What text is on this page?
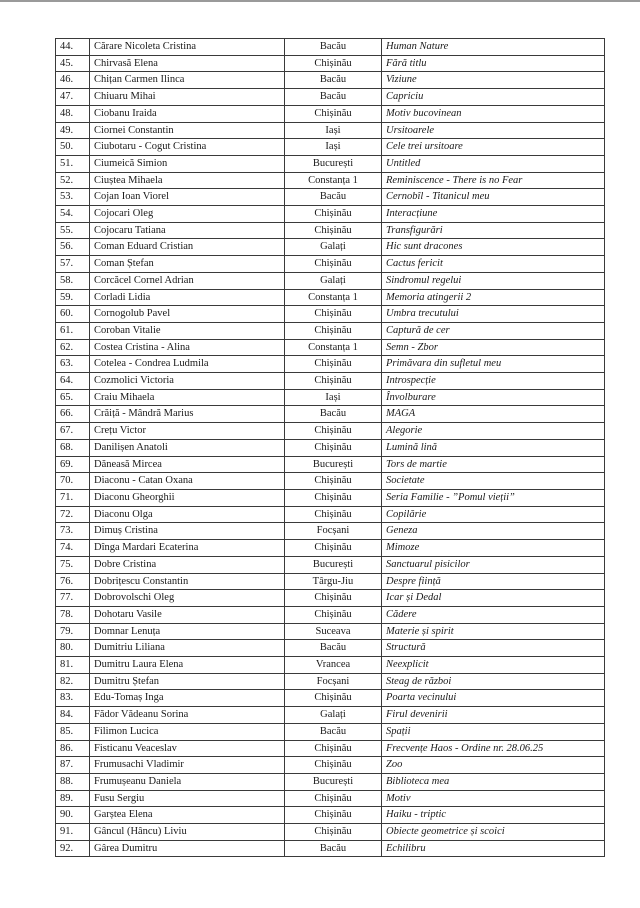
44.	Cărare Nicoleta Cristina	Bacău	Human Nature
45.	Chirvasă Elena	Chișinău	Fără titlu
46.	Chițan Carmen Ilinca	Bacău	Viziune
47.	Chiuaru Mihai	Bacău	Capriciu
48.	Ciobanu Iraida	Chișinău	Motiv bucovinean
49.	Ciornei Constantin	Iași	Ursitoarele
50.	Ciubotaru - Cogut Cristina	Iași	Cele trei ursitoare
51.	Ciumeică Simion	București	Untitled
52.	Ciuștea Mihaela	Constanța 1	Reminiscence - There is no Fear
53.	Cojan Ioan Viorel	Bacău	Cernobîl - Titanicul meu
54.	Cojocari Oleg	Chișinău	Interacțiune
55.	Cojocaru Tatiana	Chișinău	Transfigurări
56.	Coman Eduard Cristian	Galați	Hic sunt dracones
57.	Coman Ștefan	Chișinău	Cactus fericit
58.	Corcăcel Cornel Adrian	Galați	Sindromul regelui
59.	Corladi Lidia	Constanța 1	Memoria atingerii 2
60.	Cornogolub Pavel	Chișinău	Umbra trecutului
61.	Coroban Vitalie	Chișinău	Captură de cer
62.	Costea Cristina - Alina	Constanța 1	Semn - Zbor
63.	Cotelea - Condrea Ludmila	Chișinău	Primăvara din sufletul meu
64.	Cozmolici Victoria	Chișinău	Introspecție
65.	Craiu Mihaela	Iași	Învolburare
66.	Crăiță - Mândră Marius	Bacău	MAGA
67.	Crețu Victor	Chișinău	Alegorie
68.	Danilișen Anatoli	Chișinău	Lumină lină
69.	Dăneasă Mircea	București	Tors de martie
70.	Diaconu - Catan Oxana	Chișinău	Societate
71.	Diaconu Gheorghii	Chișinău	Seria Familie - ”Pomul vieții”
72.	Diaconu Olga	Chișinău	Copilărie
73.	Dimuș Cristina	Focșani	Geneza
74.	Dînga Mardari Ecaterina	Chișinău	Mimoze
75.	Dobre Cristina	București	Sanctuarul pisicilor
76.	Dobrițescu Constantin	Târgu-Jiu	Despre ființă
77.	Dobrovolschi Oleg	Chișinău	Icar și Dedal
78.	Dohotaru Vasile	Chișinău	Cădere
79.	Domnar Lenuța	Suceava	Materie și spirit
80.	Dumitriu Liliana	Bacău	Structură
81.	Dumitru Laura Elena	Vrancea	Neexplicit
82.	Dumitru Ștefan	Focșani	Steag de război
83.	Edu-Tomaș Inga	Chișinău	Poarta vecinului
84.	Fădor Vădeanu Sorina	Galați	Firul devenirii
85.	Filimon Lucica	Bacău	Spații
86.	Fisticanu Veaceslav	Chișinău	Frecvențe Haos - Ordine nr. 28.06.25
87.	Frumusachi Vladimir	Chișinău	Zoo
88.	Frumușeanu Daniela	București	Biblioteca mea
89.	Fusu Sergiu	Chișinău	Motiv
90.	Garștea Elena	Chișinău	Haiku - triptic
91.	Gâncul (Hâncu) Liviu	Chișinău	Obiecte geometrice și scoici
92.	Gârea Dumitru	Bacău	Echilibru
